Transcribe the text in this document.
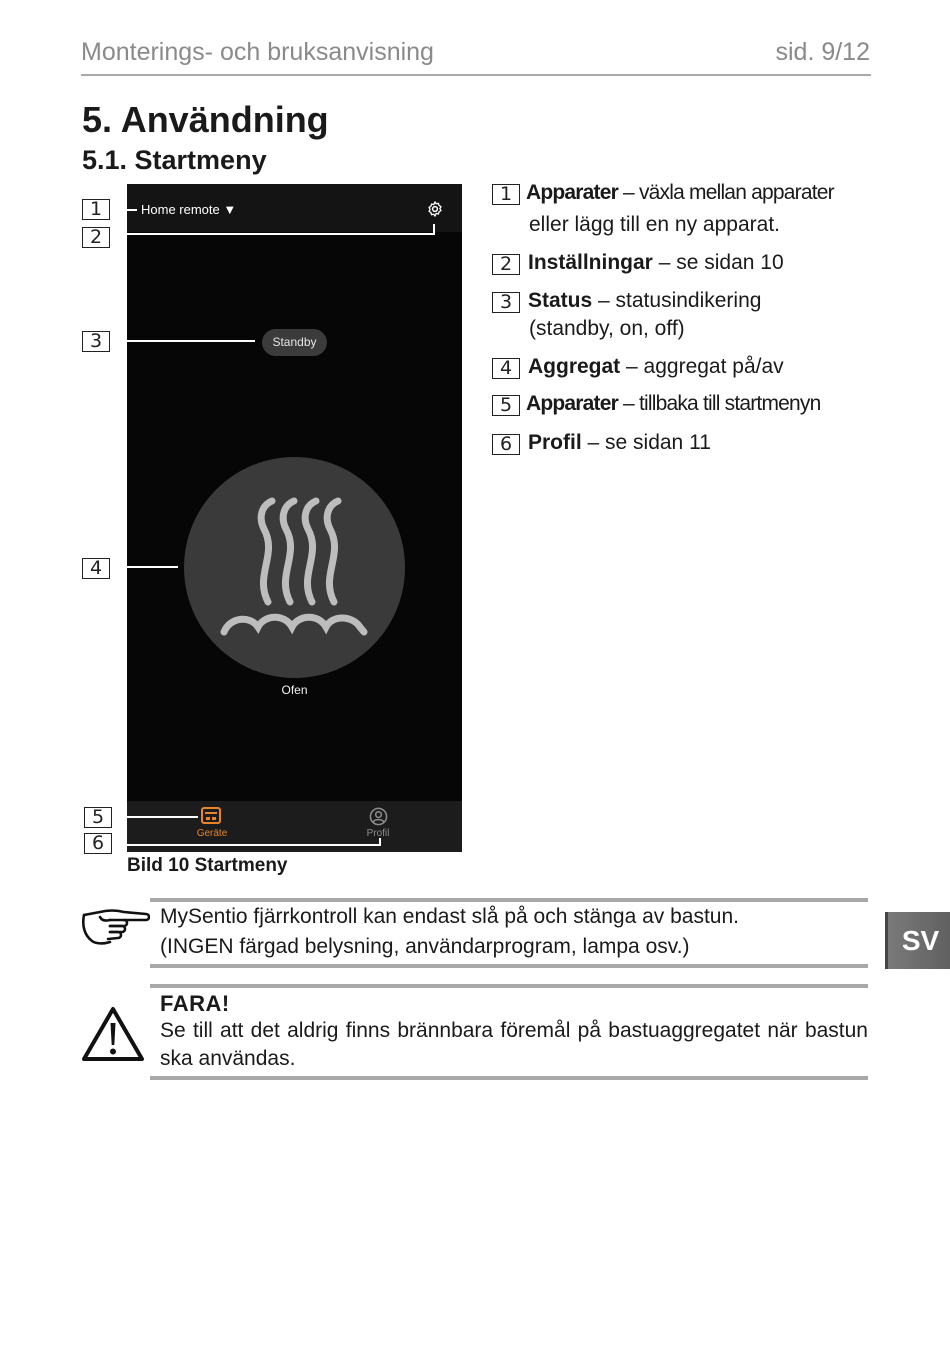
Monterings- och bruksanvisning	sid. 9/12
5. Användning
5.1. Startmeny
1
2
3
4
5
6
Home remote ▼
Standby
Ofen
Geräte	Profil
Bild 10 Startmeny
1 Apparater – växla mellan apparater
eller lägg till en ny apparat.
2 Inställningar – se sidan 10
3 Status – statusindikering
(standby, on, off)
4 Aggregat – aggregat på/av
5 Apparater – tillbaka till startmenyn
6 Profil – se sidan 11
MySentio fjärrkontroll kan endast slå på och stänga av bastun.
(INGEN färgad belysning, användarprogram, lampa osv.)	SV
FARA!
Se till att det aldrig finns brännbara föremål på bastuaggregatet när bastun ska användas.
